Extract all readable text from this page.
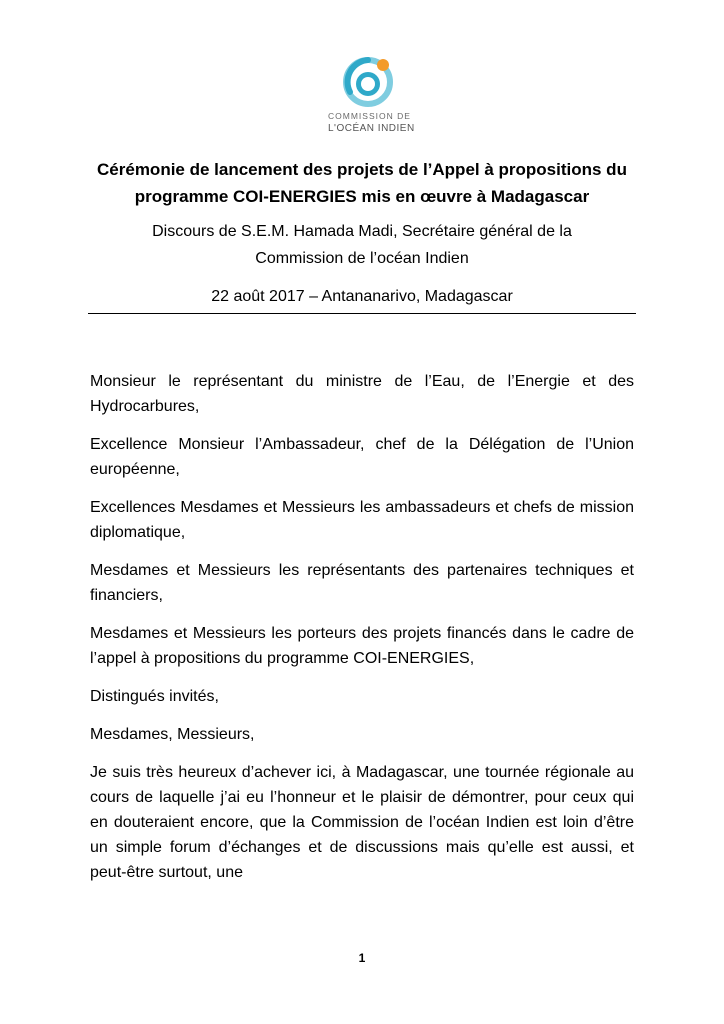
COMMISSION DE
L'OCÉAN INDIEN
Cérémonie de lancement des projets de l’Appel à propositions du
programme COI-ENERGIES mis en œuvre à Madagascar
Discours de S.E.M. Hamada Madi, Secrétaire général de la
Commission de l’océan Indien
22 août 2017 – Antananarivo, Madagascar

Monsieur le représentant du ministre de l’Eau, de l’Energie et des Hydrocarbures,

Excellence Monsieur l’Ambassadeur, chef de la Délégation de l’Union européenne,

Excellences Mesdames et Messieurs les ambassadeurs et chefs de mission diplomatique,

Mesdames et Messieurs les représentants des partenaires techniques et financiers,

Mesdames et Messieurs les porteurs des projets financés dans le cadre de l’appel à propositions du programme COI-ENERGIES,

Distingués invités,

Mesdames, Messieurs,

Je suis très heureux d’achever ici, à Madagascar, une tournée régionale au cours de laquelle j’ai eu l’honneur et le plaisir de démontrer, pour ceux qui en douteraient encore, que la Commission de l’océan Indien est loin d’être un simple forum d’échanges et de discussions mais qu’elle est aussi, et peut-être surtout, une

1
